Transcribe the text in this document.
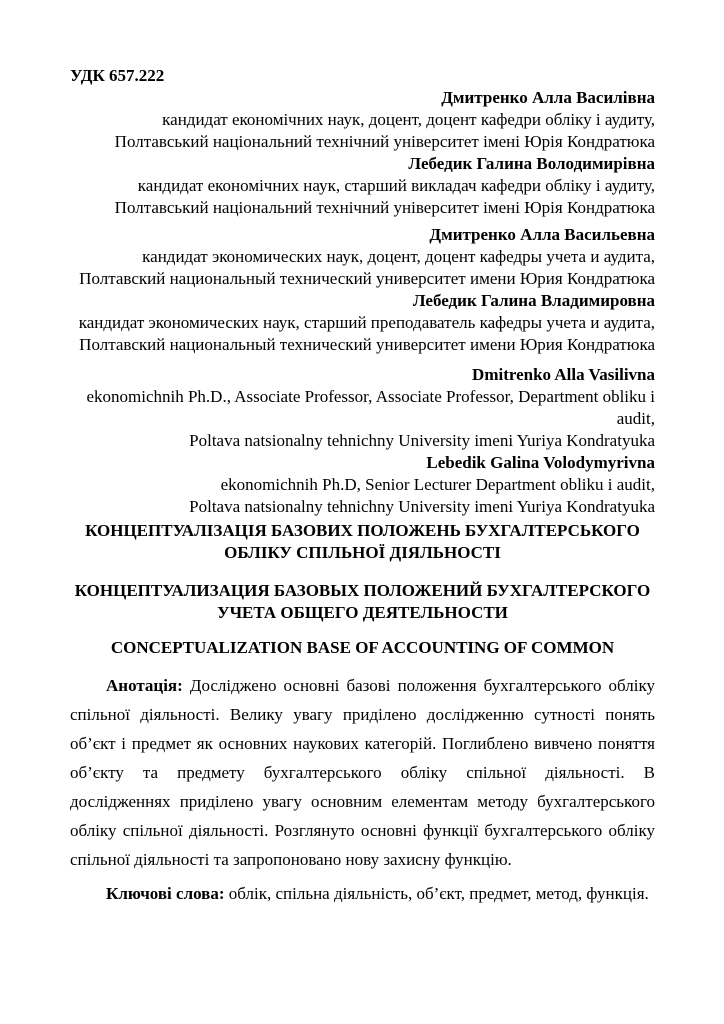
УДК 657.222

Дмитренко Алла Василівна
кандидат економічних наук, доцент, доцент кафедри обліку і аудиту,
Полтавський національний технічний університет імені Юрія Кондратюка
Лебедик Галина Володимирівна
кандидат економічних наук, старший викладач кафедри обліку і аудиту,
Полтавський національний технічний університет імені Юрія Кондратюка
Дмитренко Алла Васильевна
кандидат экономических наук, доцент, доцент кафедры учета и аудита,
Полтавский национальный технический университет имени Юрия Кондратюка
Лебедик Галина Владимировна
кандидат экономических наук, старший преподаватель кафедры учета и аудита,
Полтавский национальный технический университет имени Юрия Кондратюка
Dmitrenko Alla Vasilivna
ekonomichnih Ph.D., Associate Professor, Associate Professor, Department obliku i audit,
Poltava natsionalny tehnichny University imeni Yuriya Kondratyuka
Lebedik Galina Volodymyrivna
ekonomichnih Ph.D, Senior Lecturer Department obliku i audit,
Poltava natsionalny tehnichny University imeni Yuriya Kondratyuka
КОНЦЕПТУАЛІЗАЦІЯ БАЗОВИХ ПОЛОЖЕНЬ БУХГАЛТЕРСЬКОГО
ОБЛІКУ СПІЛЬНОЇ ДІЯЛЬНОСТІ
КОНЦЕПТУАЛИЗАЦИЯ БАЗОВЫХ ПОЛОЖЕНИЙ БУХГАЛТЕРСКОГО
УЧЕТА ОБЩЕГО ДЕЯТЕЛЬНОСТИ
CONCEPTUALIZATION BASE OF ACCOUNTING OF COMMON

Анотація: Досліджено основні базові положення бухгалтерського обліку спільної діяльності. Велику увагу приділено дослідженню сутності понять об’єкт і предмет як основних наукових категорій. Поглиблено вивчено поняття об’єкту та предмету бухгалтерського обліку спільної діяльності. В дослідженнях приділено увагу основним елементам методу бухгалтерського обліку спільної діяльності. Розглянуто основні функції бухгалтерського обліку спільної діяльності та запропоновано нову захисну функцію.

Ключові слова: облік, спільна діяльність, об’єкт, предмет, метод, функція.
